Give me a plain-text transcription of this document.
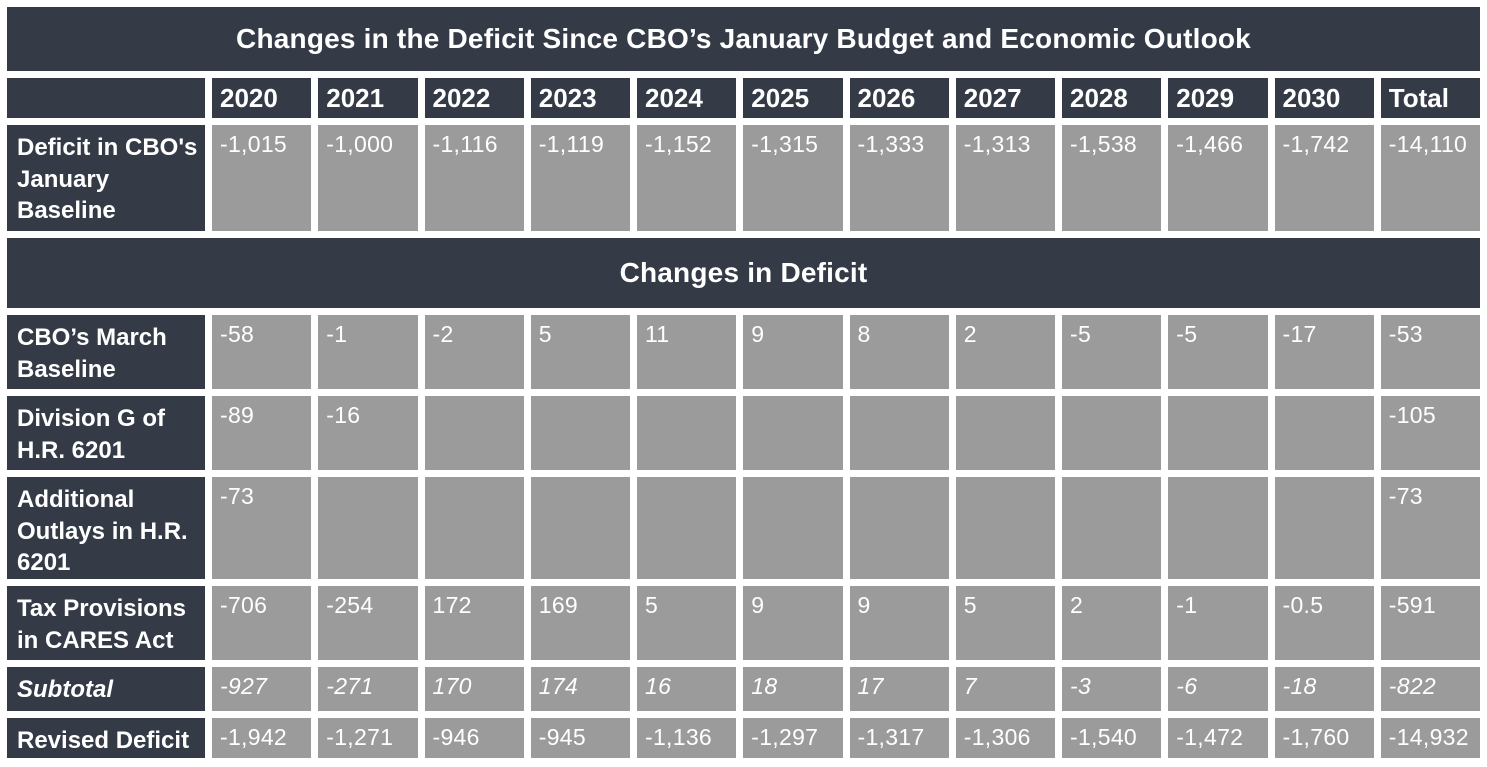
Changes in the Deficit Since CBO’s January Budget and Economic Outlook												
	2020	2021	2022	2023	2024	2025	2026	2027	2028	2029	2030	Total
Deficit in CBO's January Baseline	-1,015	-1,000	-1,116	-1,119	-1,152	-1,315	-1,333	-1,313	-1,538	-1,466	-1,742	-14,110
Changes in Deficit												
CBO’s March Baseline	-58	-1	-2	5	11	9	8	2	-5	-5	-17	-53
Division G of H.R. 6201	-89	-16										-105
Additional Outlays in H.R. 6201	-73											-73
Tax Provisions in CARES Act	-706	-254	172	169	5	9	9	5	2	-1	-0.5	-591
Subtotal	-927	-271	170	174	16	18	17	7	-3	-6	-18	-822
Revised Deficit	-1,942	-1,271	-946	-945	-1,136	-1,297	-1,317	-1,306	-1,540	-1,472	-1,760	-14,932
